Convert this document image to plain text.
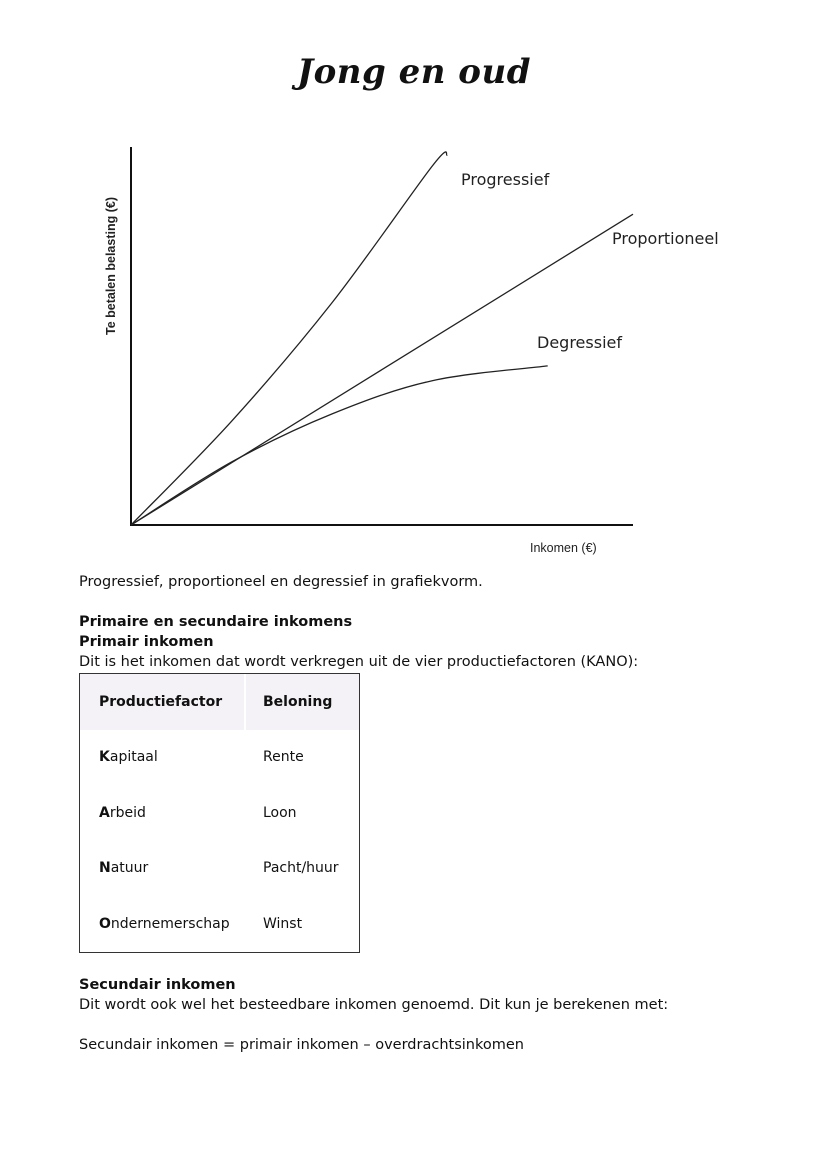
Jong en oud
Te betalen belasting (€)
Inkomen (€)
Progressief
Proportioneel
Degressief
Progressief, proportioneel en degressief in grafiekvorm.
Primaire en secundaire inkomens
Primair inkomen
Dit is het inkomen dat wordt verkregen uit de vier productiefactoren (KANO):
Productiefactor	Beloning
Kapitaal	Rente
Arbeid	Loon
Natuur	Pacht/huur
Ondernemerschap	Winst
Secundair inkomen
Dit wordt ook wel het besteedbare inkomen genoemd. Dit kun je berekenen met:
Secundair inkomen = primair inkomen – overdrachtsinkomen
